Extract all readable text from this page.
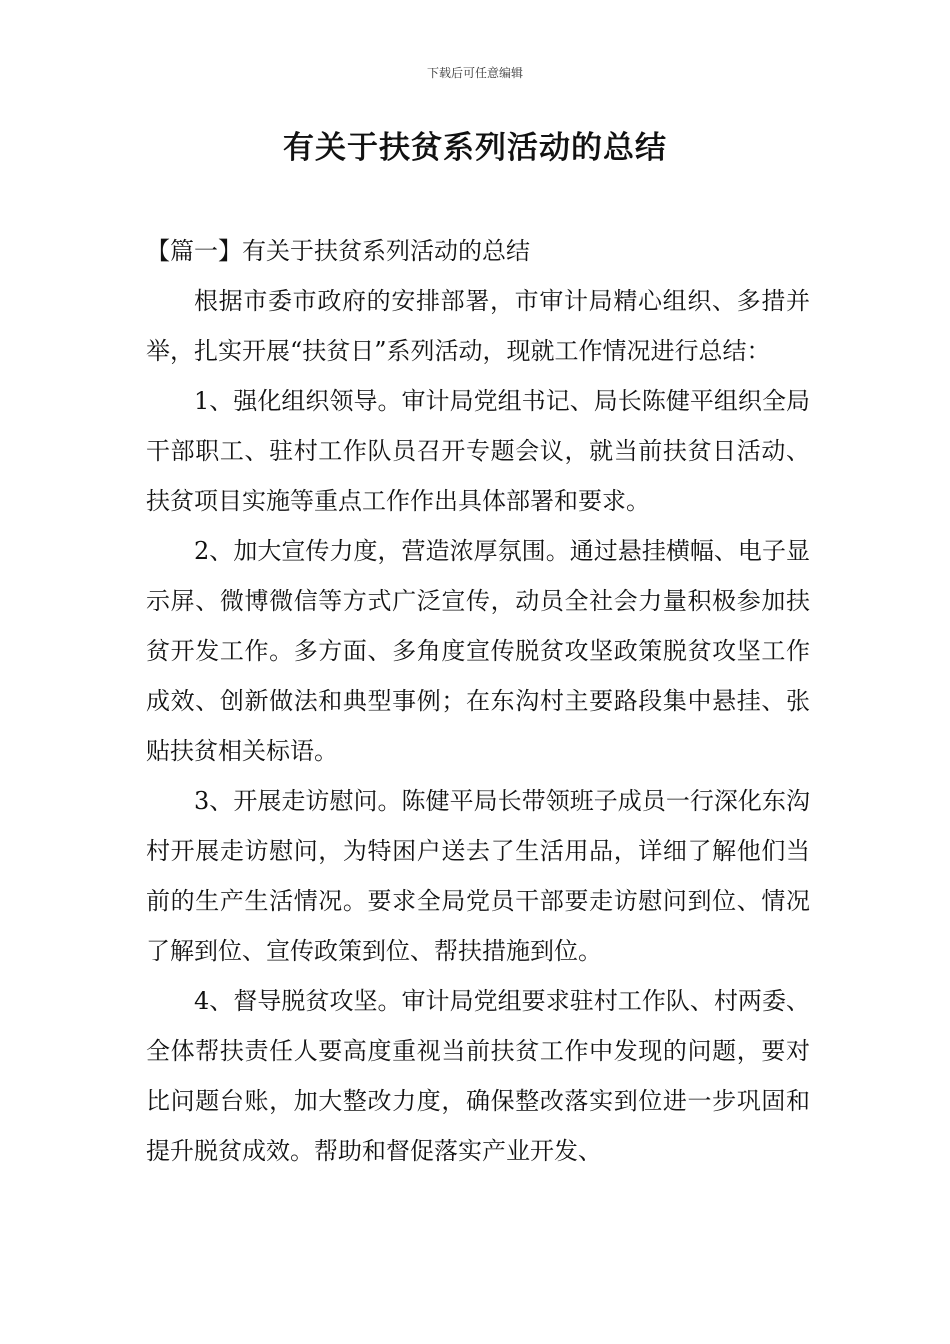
下载后可任意编辑
有关于扶贫系列活动的总结

【篇一】有关于扶贫系列活动的总结

根据市委市政府的安排部署，市审计局精心组织、多措并举，扎实开展“扶贫日”系列活动，现就工作情况进行总结：

1、强化组织领导。审计局党组书记、局长陈健平组织全局干部职工、驻村工作队员召开专题会议，就当前扶贫日活动、扶贫项目实施等重点工作作出具体部署和要求。

2、加大宣传力度，营造浓厚氛围。通过悬挂横幅、电子显示屏、微博微信等方式广泛宣传，动员全社会力量积极参加扶贫开发工作。多方面、多角度宣传脱贫攻坚政策脱贫攻坚工作成效、创新做法和典型事例；在东沟村主要路段集中悬挂、张贴扶贫相关标语。

3、开展走访慰问。陈健平局长带领班子成员一行深化东沟村开展走访慰问，为特困户送去了生活用品，详细了解他们当前的生产生活情况。要求全局党员干部要走访慰问到位、情况了解到位、宣传政策到位、帮扶措施到位。

4、督导脱贫攻坚。审计局党组要求驻村工作队、村两委、全体帮扶责任人要高度重视当前扶贫工作中发现的问题，要对比问题台账，加大整改力度，确保整改落实到位进一步巩固和提升脱贫成效。帮助和督促落实产业开发、
